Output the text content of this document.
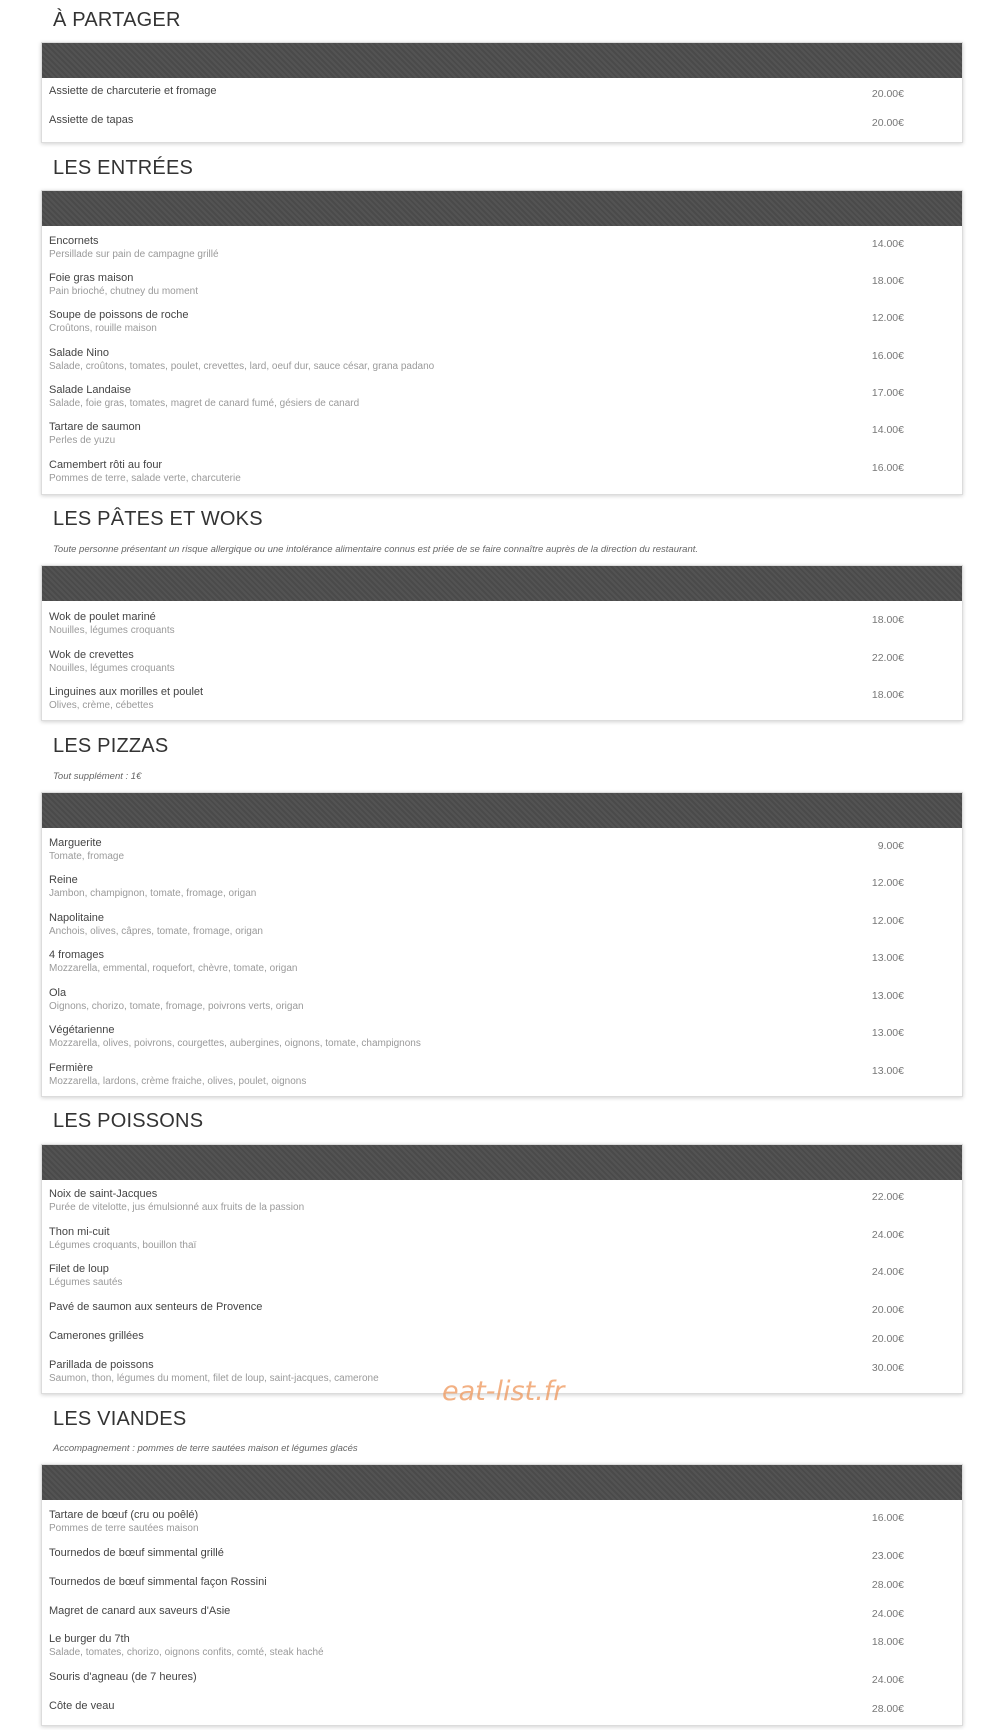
À PARTAGER
Assiette de charcuterie et fromage	20.00€
Assiette de tapas	20.00€
LES ENTRÉES
Encornets
Persillade sur pain de campagne grillé
14.00€
Foie gras maison
Pain brioché, chutney du moment
18.00€
Soupe de poissons de roche
Croûtons, rouille maison
12.00€
Salade Nino
Salade, croûtons, tomates, poulet, crevettes, lard, oeuf dur, sauce césar, grana padano
16.00€
Salade Landaise
Salade, foie gras, tomates, magret de canard fumé, gésiers de canard
17.00€
Tartare de saumon
Perles de yuzu
14.00€
Camembert rôti au four
Pommes de terre, salade verte, charcuterie
16.00€
LES PÂTES ET WOKS

Toute personne présentant un risque allergique ou une intolérance alimentaire connus est priée de se faire connaître auprès de la direction du restaurant.

Wok de poulet mariné
Nouilles, légumes croquants
18.00€
Wok de crevettes
Nouilles, légumes croquants
22.00€
Linguines aux morilles et poulet
Olives, crème, cébettes
18.00€
LES PIZZAS

Tout supplément : 1€

Marguerite
Tomate, fromage
9.00€
Reine
Jambon, champignon, tomate, fromage, origan
12.00€
Napolitaine
Anchois, olives, câpres, tomate, fromage, origan
12.00€
4 fromages
Mozzarella, emmental, roquefort, chèvre, tomate, origan
13.00€
Ola
Oignons, chorizo, tomate, fromage, poivrons verts, origan
13.00€
Végétarienne
Mozzarella, olives, poivrons, courgettes, aubergines, oignons, tomate, champignons
13.00€
Fermière
Mozzarella, lardons, crème fraiche, olives, poulet, oignons
13.00€
LES POISSONS
Noix de saint-Jacques
Purée de vitelotte, jus émulsionné aux fruits de la passion
22.00€
Thon mi-cuit
Légumes croquants, bouillon thaï
24.00€
Filet de loup
Légumes sautés
24.00€
Pavé de saumon aux senteurs de Provence	20.00€
Camerones grillées	20.00€
Parillada de poissons
Saumon, thon, légumes du moment, filet de loup, saint-jacques, camerone
30.00€
LES VIANDES

Accompagnement : pommes de terre sautées maison et légumes glacés

Tartare de bœuf (cru ou poêlé)
Pommes de terre sautées maison
16.00€
Tournedos de bœuf simmental grillé	23.00€
Tournedos de bœuf simmental façon Rossini	28.00€
Magret de canard aux saveurs d'Asie	24.00€
Le burger du 7th
Salade, tomates, chorizo, oignons confits, comté, steak haché
18.00€
Souris d'agneau (de 7 heures)	24.00€
Côte de veau	28.00€
eat-list.fr
